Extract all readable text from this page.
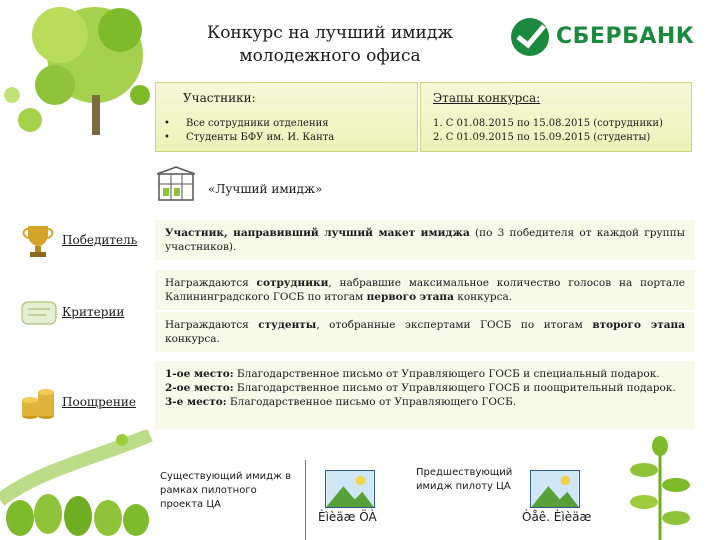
СБЕРБАНК
Конкурс на лучший имидж
молодежного офиса
Участники:
• Все сотрудники отделения
• Студенты БФУ им. И. Канта
Этапы конкурса:
1. С 01.08.2015 по 15.08.2015 (сотрудники)
2. С 01.09.2015 по 15.09.2015 (студенты)
«Лучший имидж»
Победитель	Участник, направивший лучший макет имиджа (по 3 победителя от каждой группы участников).
Критерии
Награждаются сотрудники, набравшие максимальное количество голосов на портале Калининградского ГОСБ по итогам первого этапа конкурса.
Награждаются студенты, отобранные экспертами ГОСБ по итогам второго этапа конкурса.
Поощрение
1-ое место: Благодарственное письмо от Управляющего ГОСБ и специальный подарок.
2-ое место: Благодарственное письмо от Управляющего ГОСБ и поощрительный подарок.
3-е место: Благодарственное письмо от Управляющего ГОСБ.
Существующий имидж в рамках пилотного проекта ЦА
Предшествующий имидж пилоту ЦА
Èìèäæ ÖÀ	Òåê. Èìèäæ
